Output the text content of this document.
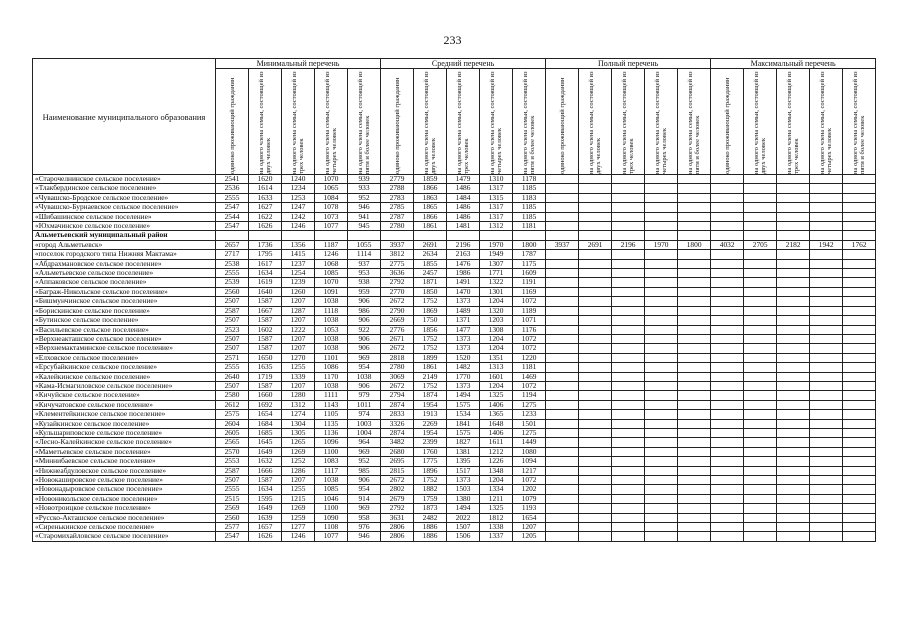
233
Наименование муниципального образования	Минимальный перечень					Средний перечень					Полный перечень					Максимальный перечень				

	одиноко проживающий гражданин	на одного члена семьи, состоящей из двух человек	на одного члена семьи, состоящей из трех человек	на одного члена семьи, состоящей из четырех человек	на одного члена семьи, состоящей из пяти и более человек	одиноко проживающий гражданин	на одного члена семьи, состоящей из двух человек	на одного члена семьи, состоящей из трех человек	на одного члена семьи, состоящей из четырех человек	на одного члена семьи, состоящей из пяти и более человек	одиноко проживающий гражданин	на одного члена семьи, состоящей из двух человек	на одного члена семьи, состоящей из трех человек	на одного члена семьи, состоящей из четырех человек	на одного члена семьи, состоящей из пяти и более человек	одиноко проживающий гражданин	на одного члена семьи, состоящей из двух человек	на одного члена семьи, состоящей из трех человек	на одного члена семьи, состоящей из четырех человек	на одного члена семьи, состоящей из пяти и более человек

«Старочелнинское сельское поселение»	2541	1620	1240	1070	939	2779	1859	1479	1310	1178										
«Тлакбердинское сельское поселение»	2536	1614	1234	1065	933	2788	1866	1486	1317	1185										
«Чувашско-Бродское сельское поселение»	2555	1633	1253	1084	952	2783	1863	1484	1315	1183										
«Чувашско-Бурнаевское сельское поселение»	2547	1627	1247	1078	946	2785	1865	1486	1317	1185										
«Шибашинское сельское поселение»	2544	1622	1242	1073	941	2787	1866	1486	1317	1185										
«Юхмачинское сельское поселение»	2547	1626	1246	1077	945	2780	1861	1481	1312	1181										
Альметьевский муниципальный район																				
«город Альметьевск»	2657	1736	1356	1187	1055	3937	2691	2196	1970	1800	3937	2691	2196	1970	1800	4032	2705	2182	1942	1762
«поселок городского типа Нижняя Мактама»	2717	1795	1415	1246	1114	3812	2634	2163	1949	1787										
«Абдрахмановское сельское поселение»	2538	1617	1237	1068	937	2775	1855	1476	1307	1175										
«Альметьевское сельское поселение»	2555	1634	1254	1085	953	3636	2457	1986	1771	1609										
«Аппаковское сельское поселение»	2539	1619	1239	1070	938	2792	1871	1491	1322	1191										
«Баграж-Никольское сельское поселение»	2560	1640	1260	1091	959	2770	1850	1470	1301	1169										
«Бишмунчинское сельское поселение»	2507	1587	1207	1038	906	2672	1752	1373	1204	1072										
«Борискинское сельское поселение»	2587	1667	1287	1118	986	2790	1869	1489	1320	1189										
«Бутинское сельское поселение»	2507	1587	1207	1038	906	2669	1750	1371	1203	1071										
«Васильевское сельское поселение»	2523	1602	1222	1053	922	2776	1856	1477	1308	1176										
«Верхнеакташское сельское поселение»	2507	1587	1207	1038	906	2671	1752	1373	1204	1072										
«Верхнемактаминское сельское поселение»	2507	1587	1207	1038	906	2672	1752	1373	1204	1072										
«Елховское сельское поселение»	2571	1650	1270	1101	969	2818	1899	1520	1351	1220										
«Ерсубайкинское сельское поселение»	2555	1635	1255	1086	954	2780	1861	1482	1313	1181										
«Калейкинское сельское поселение»	2640	1719	1339	1170	1038	3069	2149	1770	1601	1469										
«Кама-Исмагиловское сельское поселение»	2507	1587	1207	1038	906	2672	1752	1373	1204	1072										
«Кичуйское сельское поселение»	2580	1660	1280	1111	979	2794	1874	1494	1325	1194										
«Кичучатовское сельское поселение»	2612	1692	1312	1143	1011	2874	1954	1575	1406	1275										
«Клементейкинское сельское поселение»	2575	1654	1274	1105	974	2833	1913	1534	1365	1233										
«Кузайкинское сельское поселение»	2604	1684	1304	1135	1003	3326	2269	1841	1648	1501										
«Кульшариповское сельское поселение»	2605	1685	1305	1136	1004	2874	1954	1575	1406	1275										
«Лесно-Калейкинское сельское поселение»	2565	1645	1265	1096	964	3482	2399	1827	1611	1449										
«Маметьевское сельское поселение»	2570	1649	1269	1100	969	2680	1760	1381	1212	1080										
«Миннибаевское сельское поселение»	2553	1632	1252	1083	952	2695	1775	1395	1226	1094										
«Нижнеабдуловское сельское поселение»	2587	1666	1286	1117	985	2815	1896	1517	1348	1217										
«Новокашировское сельское поселение»	2507	1587	1207	1038	906	2672	1752	1373	1204	1072										
«Новонадыровское сельское поселение»	2555	1634	1255	1085	954	2802	1882	1503	1334	1202										
«Новоникольское сельское поселение»	2515	1595	1215	1046	914	2679	1759	1380	1211	1079										
«Новотроицкое сельское поселение»	2569	1649	1269	1100	969	2792	1873	1494	1325	1193										
«Русско-Акташское сельское поселение»	2560	1639	1259	1090	958	3631	2482	2022	1812	1654										
«Сиренькинское сельское поселение»	2577	1657	1277	1108	976	2806	1886	1507	1338	1207										
«Старомихайловское сельское поселение»	2547	1626	1246	1077	946	2806	1886	1506	1337	1205										
